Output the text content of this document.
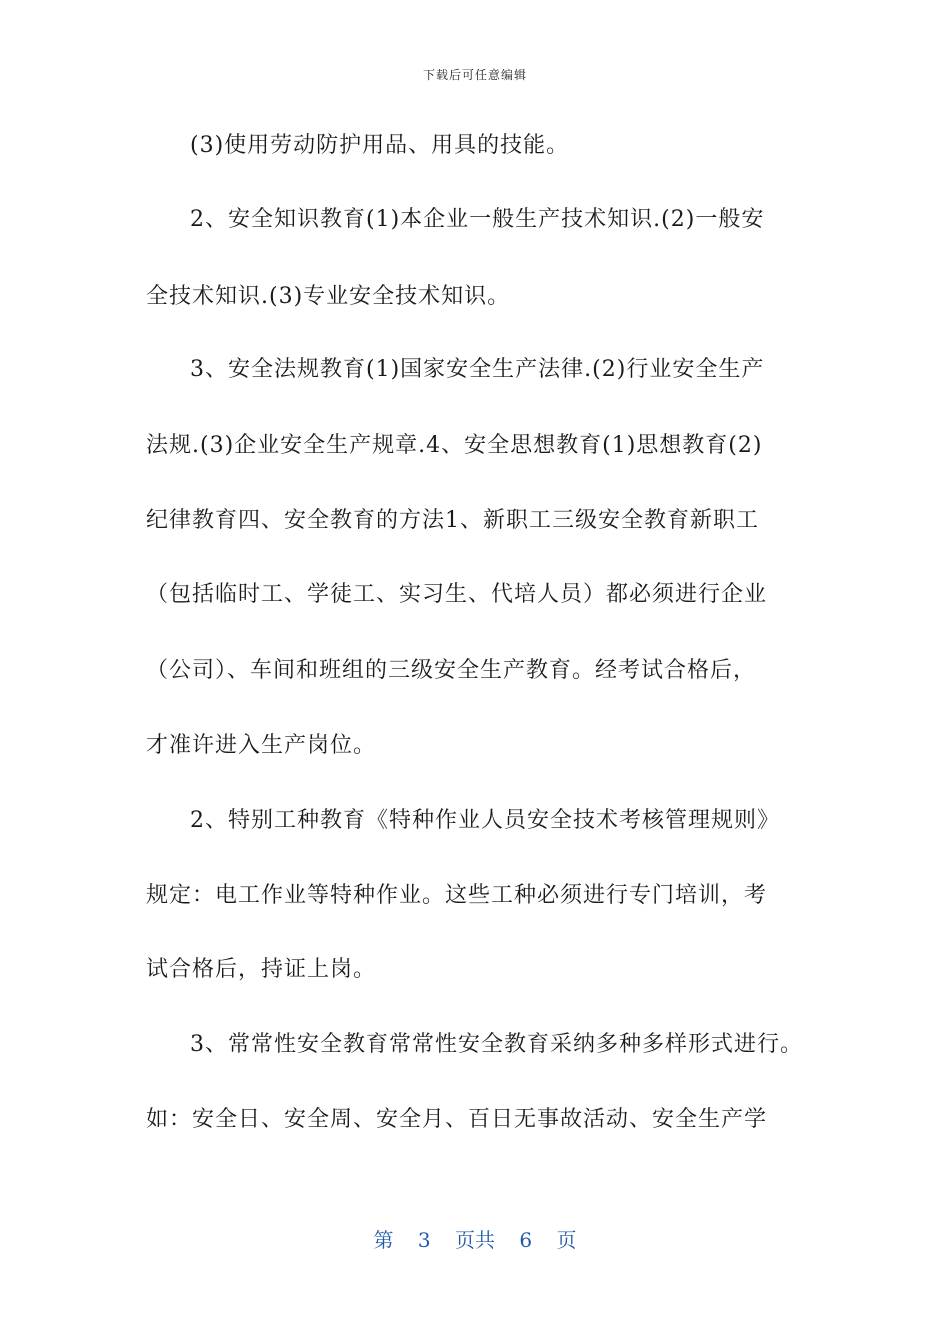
下载后可任意编辑
(3)使用劳动防护用品、用具的技能。
2、安全知识教育(1)本企业一般生产技术知识.(2)一般安
全技术知识.(3)专业安全技术知识。
3、安全法规教育(1)国家安全生产法律.(2)行业安全生产
法规.(3)企业安全生产规章.4、安全思想教育(1)思想教育(2)
纪律教育四、安全教育的方法1、新职工三级安全教育新职工
（包括临时工、学徒工、实习生、代培人员）都必须进行企业
（公司）、车间和班组的三级安全生产教育。经考试合格后，
才准许进入生产岗位。
2、特别工种教育《特种作业人员安全技术考核管理规则》
规定：电工作业等特种作业。这些工种必须进行专门培训，考
试合格后，持证上岗。
3、常常性安全教育常常性安全教育采纳多种多样形式进行。
如：安全日、安全周、安全月、百日无事故活动、安全生产学
第 3 页共 6 页
